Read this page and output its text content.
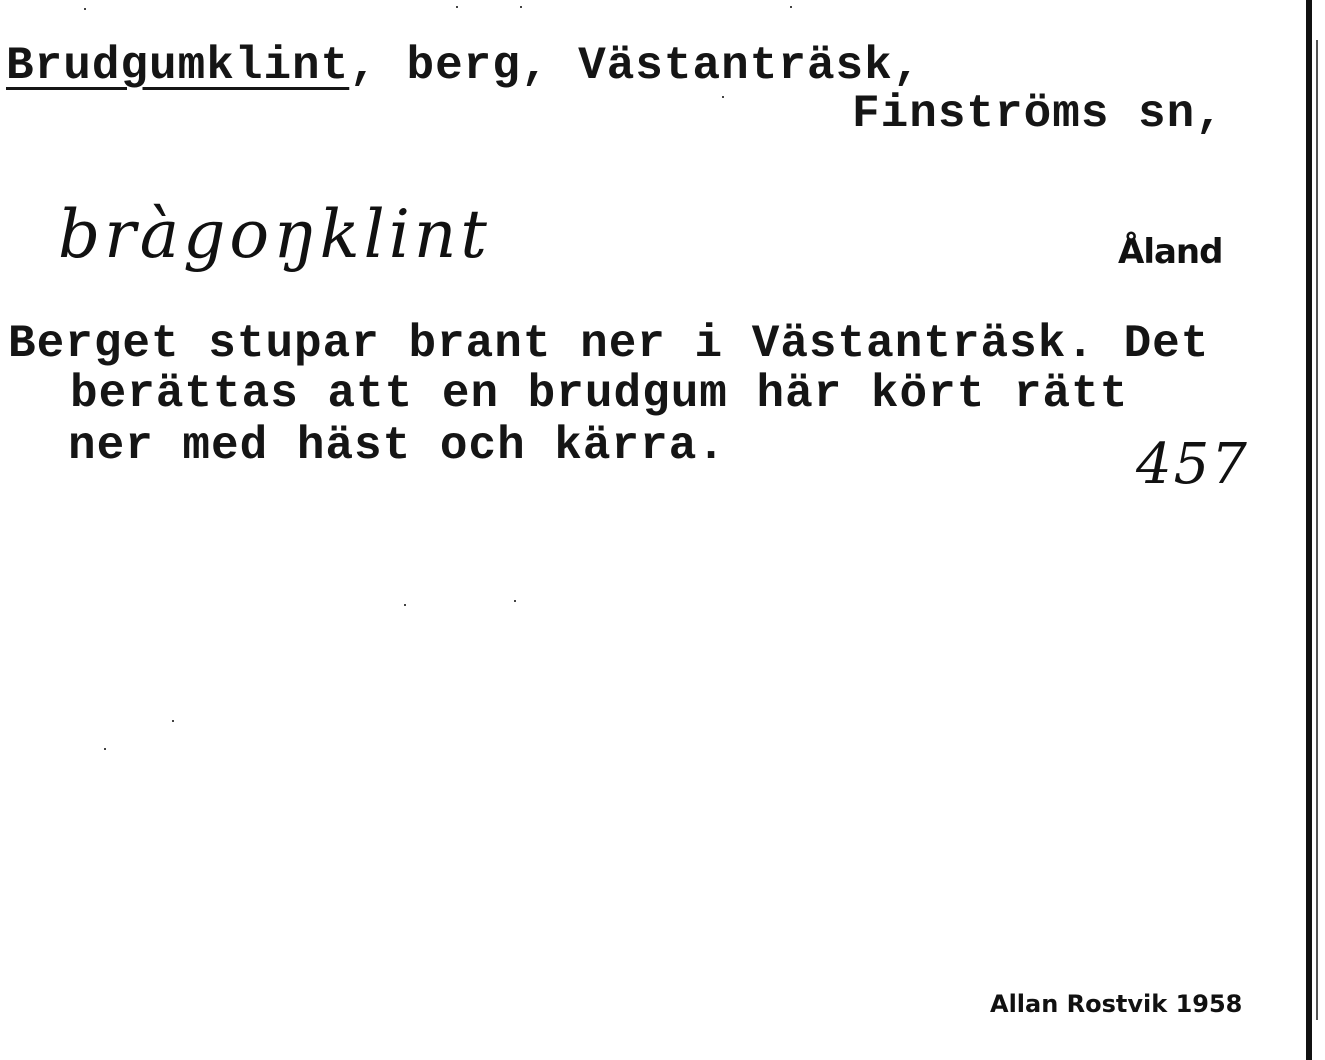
Brudgumklint, berg, Västanträsk,
Finströms sn,
bràgoŋklint	Åland
Berget stupar brant ner i Västanträsk. Det
berättas att en brudgum här kört rätt
ner med häst och kärra.	457
Allan Rostvik 1958
